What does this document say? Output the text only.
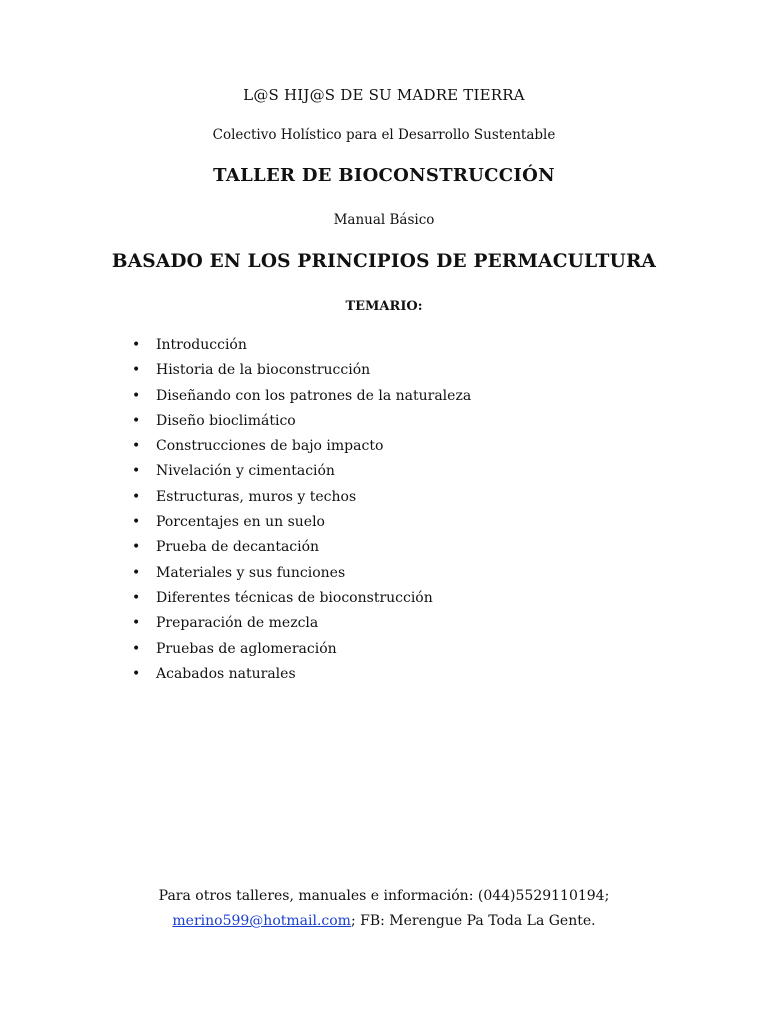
L@S HIJ@S DE SU MADRE TIERRA
Colectivo Holístico para el Desarrollo Sustentable
TALLER DE BIOCONSTRUCCIÓN
Manual Básico
BASADO EN LOS PRINCIPIOS DE PERMACULTURA
TEMARIO:
• Introducción
• Historia de la bioconstrucción
• Diseñando con los patrones de la naturaleza
• Diseño bioclimático
• Construcciones de bajo impacto
• Nivelación y cimentación
• Estructuras, muros y techos
• Porcentajes en un suelo
• Prueba de decantación
• Materiales y sus funciones
• Diferentes técnicas de bioconstrucción
• Preparación de mezcla
• Pruebas de aglomeración
• Acabados naturales
Para otros talleres, manuales e información: (044)5529110194;
merino599@hotmail.com; FB: Merengue Pa Toda La Gente.
